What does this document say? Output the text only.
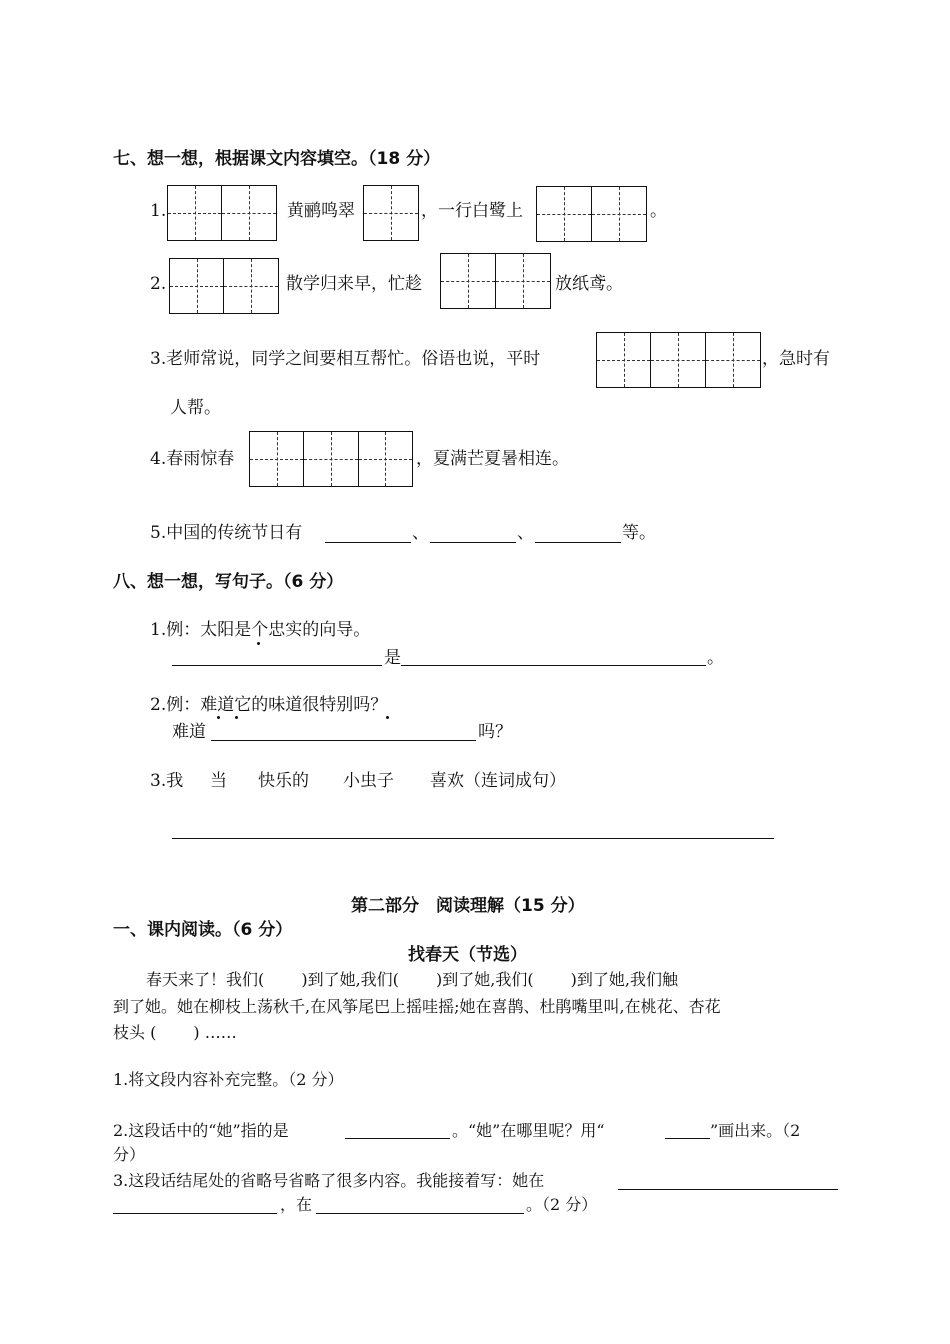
七、想一想，根据课文内容填空。（18 分）
1.	黄鹂鸣翠	，一行白鹭上	。
2.	散学归来早，忙趁	放纸鸢。
3.老师常说，同学之间要相互帮忙。俗语也说，平时	，急时有
人帮。
4.春雨惊春	，夏满芒夏暑相连。
5.中国的传统节日有	、	、	等。
八、想一想，写句子。（6 分）
1.例：太阳是个忠实的向导。
是	。
2.例：难道它的味道很特别吗？
难道	吗？
3.我 当 快乐的 小虫子 喜欢（连词成句）
第二部分　阅读理解（15 分）
一、课内阅读。（6 分）
找春天（节选）
春天来了！我们(　　 )到了她,我们(　　 )到了她,我们(　　 )到了她,我们触
到了她。她在柳枝上荡秋千,在风筝尾巴上摇哇摇;她在喜鹊、杜鹃嘴里叫,在桃花、杏花
枝头 (　　 ) ……
1.将文段内容补充完整。（2 分）
2.这段话中的“她”指的是	。“她”在哪里呢？用“	”画出来。（2
分）
3.这段话结尾处的省略号省略了很多内容。我能接着写：她在
，在	。（2 分）
